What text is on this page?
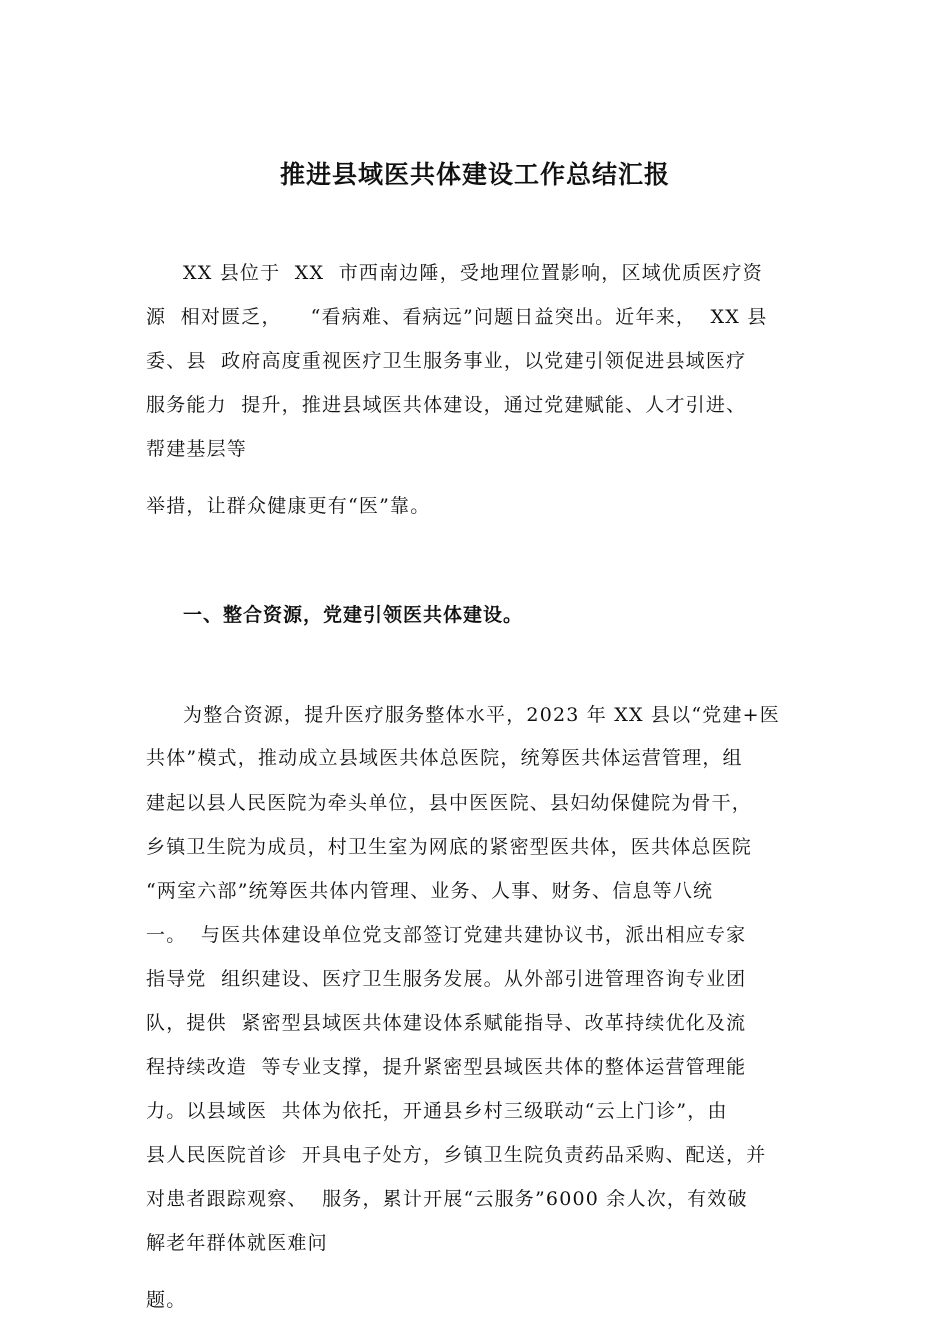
推进县域医共体建设工作总结汇报
XX 县位于  XX  市西南边陲，受地理位置影响，区域优质医疗资
源  相对匮乏，    “看病难、看病远”问题日益突出。近年来，  XX 县
委、县  政府高度重视医疗卫生服务事业，以党建引领促进县域医疗
服务能力  提升，推进县域医共体建设，通过党建赋能、人才引进、
帮建基层等
举措，让群众健康更有“医”靠。
一、整合资源，党建引领医共体建设。
为整合资源，提升医疗服务整体水平，2023 年 XX 县以“党建+医
共体”模式，推动成立县域医共体总医院，统筹医共体运营管理，组
建起以县人民医院为牵头单位，县中医医院、县妇幼保健院为骨干，
乡镇卫生院为成员，村卫生室为网底的紧密型医共体，医共体总医院
“两室六部”统筹医共体内管理、业务、人事、财务、信息等八统
一。  与医共体建设单位党支部签订党建共建协议书，派出相应专家
指导党  组织建设、医疗卫生服务发展。从外部引进管理咨询专业团
队，提供  紧密型县域医共体建设体系赋能指导、改革持续优化及流
程持续改造  等专业支撑，提升紧密型县域医共体的整体运营管理能
力。以县域医  共体为依托，开通县乡村三级联动“云上门诊”，由
县人民医院首诊  开具电子处方，乡镇卫生院负责药品采购、配送，并
对患者跟踪观察、  服务，累计开展“云服务”6000 余人次，有效破
解老年群体就医难问
题。
